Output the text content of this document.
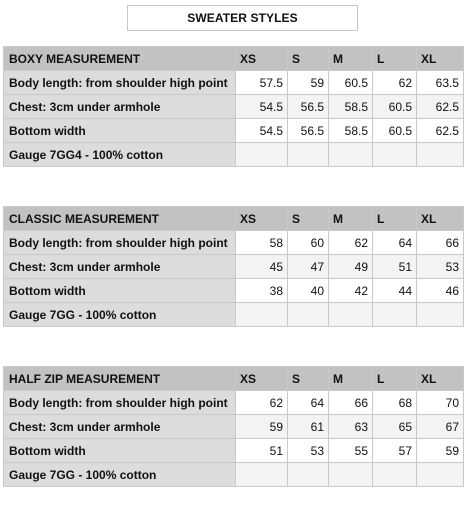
SWEATER STYLES
BOXY MEASUREMENT	XS	S	M	L	XL
Body length: from shoulder high point	57.5	59	60.5	62	63.5
Chest: 3cm under armhole	54.5	56.5	58.5	60.5	62.5
Bottom width	54.5	56.5	58.5	60.5	62.5
Gauge 7GG4 - 100% cotton					
CLASSIC MEASUREMENT	XS	S	M	L	XL
Body length: from shoulder high point	58	60	62	64	66
Chest: 3cm under armhole	45	47	49	51	53
Bottom width	38	40	42	44	46
Gauge 7GG - 100% cotton					
HALF ZIP MEASUREMENT	XS	S	M	L	XL
Body length: from shoulder high point	62	64	66	68	70
Chest: 3cm under armhole	59	61	63	65	67
Bottom width	51	53	55	57	59
Gauge 7GG - 100% cotton					
